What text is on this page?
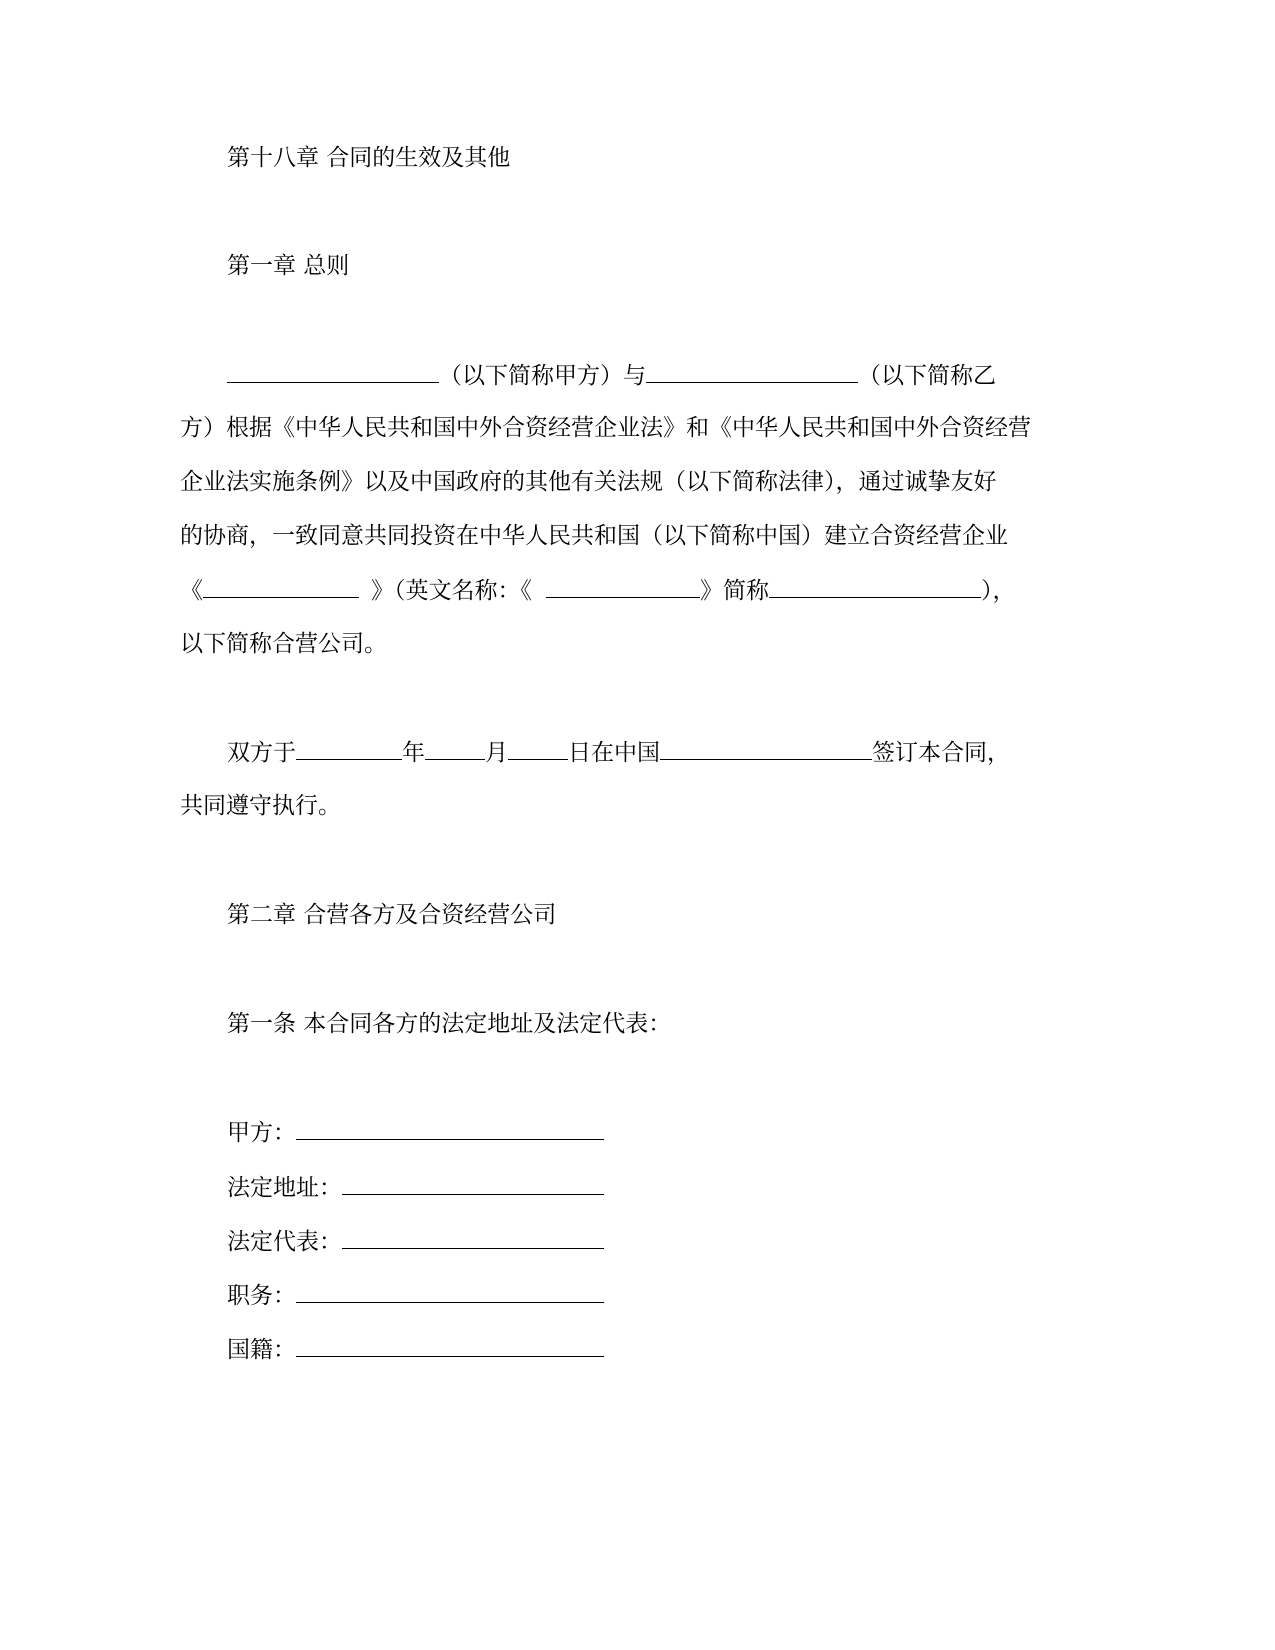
第十八章 合同的生效及其他
第一章 总则
（以下简称甲方）与	（以下简称乙
方）根据《中华人民共和国中外合资经营企业法》和《中华人民共和国中外合资经营
企业法实施条例》以及中国政府的其他有关法规（以下简称法律），通过诚挚友好
的协商，一致同意共同投资在中华人民共和国（以下简称中国）建立合资经营企业
《	》（英文名称：《	》简称	），
以下简称合营公司。
双方于	年	月	日在中国	签订本合同，
共同遵守执行。
第二章 合营各方及合资经营公司
第一条 本合同各方的法定地址及法定代表：
甲方：
法定地址：
法定代表：
职务：
国籍：
